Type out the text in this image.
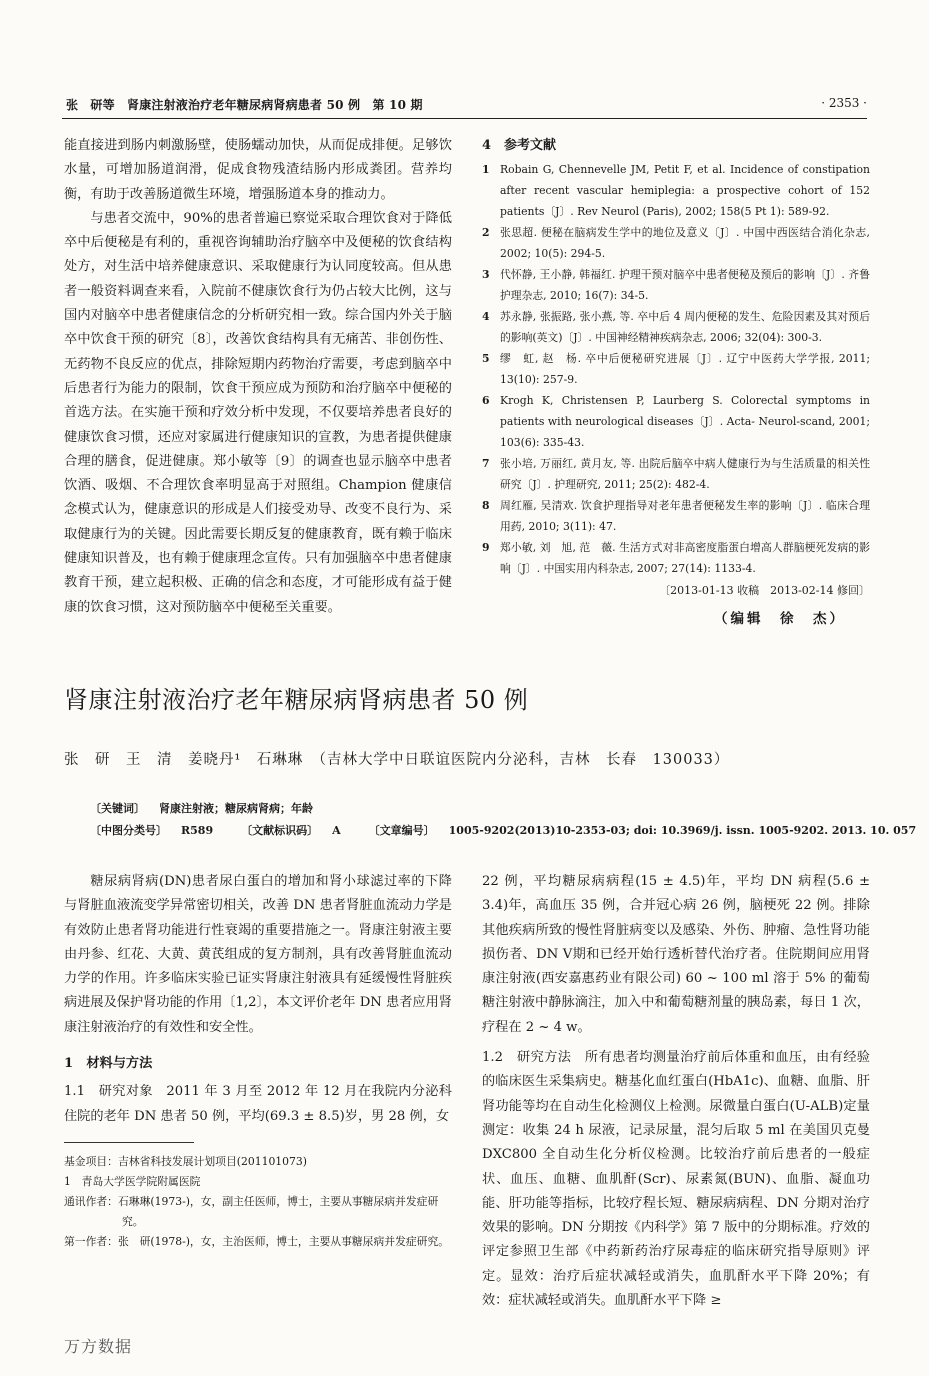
张　研等　肾康注射液治疗老年糖尿病肾病患者 50 例　第 10 期	· 2353 ·

能直接进到肠内刺激肠壁，使肠蠕动加快，从而促成排便。足够饮水量，可增加肠道润滑，促成食物残渣结肠内形成粪团。营养均衡，有助于改善肠道微生环境，增强肠道本身的推动力。

与患者交流中，90%的患者普遍已察觉采取合理饮食对于降低卒中后便秘是有利的，重视咨询辅助治疗脑卒中及便秘的饮食结构处方，对生活中培养健康意识、采取健康行为认同度较高。但从患者一般资料调查来看，入院前不健康饮食行为仍占较大比例，这与国内对脑卒中患者健康信念的分析研究相一致。综合国内外关于脑卒中饮食干预的研究〔8〕，改善饮食结构具有无痛苦、非创伤性、无药物不良反应的优点，排除短期内药物治疗需要，考虑到脑卒中后患者行为能力的限制，饮食干预应成为预防和治疗脑卒中便秘的首选方法。在实施干预和疗效分析中发现，不仅要培养患者良好的健康饮食习惯，还应对家属进行健康知识的宣教，为患者提供健康合理的膳食，促进健康。郑小敏等〔9〕的调查也显示脑卒中患者饮酒、吸烟、不合理饮食率明显高于对照组。Champion 健康信念模式认为，健康意识的形成是人们接受劝导、改变不良行为、采取健康行为的关键。因此需要长期反复的健康教育，既有赖于临床健康知识普及，也有赖于健康理念宣传。只有加强脑卒中患者健康教育干预，建立起积极、正确的信念和态度，才可能形成有益于健康的饮食习惯，这对预防脑卒中便秘至关重要。

4　参考文献
1 Robain G, Chennevelle JM, Petit F, et al. Incidence of constipation after recent vascular hemiplegia: a prospective cohort of 152 patients〔J〕. Rev Neurol (Paris), 2002; 158(5 Pt 1): 589-92.
2 张思超. 便秘在脑病发生学中的地位及意义〔J〕. 中国中西医结合消化杂志, 2002; 10(5): 294-5.
3 代怀静, 王小静, 韩福红. 护理干预对脑卒中患者便秘及预后的影响〔J〕. 齐鲁护理杂志, 2010; 16(7): 34-5.
4 苏永静, 张振路, 张小燕, 等. 卒中后 4 周内便秘的发生、危险因素及其对预后的影响(英文)〔J〕. 中国神经精神疾病杂志, 2006; 32(04): 300-3.
5 缪　虹, 赵　杨. 卒中后便秘研究进展〔J〕. 辽宁中医药大学学报, 2011; 13(10): 257-9.
6 Krogh K, Christensen P, Laurberg S. Colorectal symptoms in patients with neurological diseases〔J〕. Acta- Neurol-scand, 2001; 103(6): 335-43.
7 张小培, 万丽红, 黄月友, 等. 出院后脑卒中病人健康行为与生活质量的相关性研究〔J〕. 护理研究, 2011; 25(2): 482-4.
8 周红雁, 吴清欢. 饮食护理指导对老年患者便秘发生率的影响〔J〕. 临床合理用药, 2010; 3(11): 47.
9 郑小敏, 刘　旭, 范　薇. 生活方式对非高密度脂蛋白增高人群脑梗死发病的影响〔J〕. 中国实用内科杂志, 2007; 27(14): 1133-4.
〔2013-01-13 收稿　2013-02-14 修回〕
（编辑　徐　杰）
肾康注射液治疗老年糖尿病肾病患者 50 例
张　研　王　清　姜晓丹¹　石琳琳　（吉林大学中日联谊医院内分泌科，吉林　长春　130033）
〔关键词〕 肾康注射液；糖尿病肾病；年龄
〔中图分类号〕 R589	〔文献标识码〕 A	〔文章编号〕 1005-9202(2013)10-2353-03; doi: 10.3969/j. issn. 1005-9202. 2013. 10. 057

糖尿病肾病(DN)患者尿白蛋白的增加和肾小球滤过率的下降与肾脏血液流变学异常密切相关，改善 DN 患者肾脏血流动力学是有效防止患者肾功能进行性衰竭的重要措施之一。肾康注射液主要由丹参、红花、大黄、黄芪组成的复方制剂，具有改善肾脏血流动力学的作用。许多临床实验已证实肾康注射液具有延缓慢性肾脏疾病进展及保护肾功能的作用〔1,2〕，本文评价老年 DN 患者应用肾康注射液治疗的有效性和安全性。

1　材料与方法

1.1　研究对象　2011 年 3 月至 2012 年 12 月在我院内分泌科住院的老年 DN 患者 50 例，平均(69.3 ± 8.5)岁，男 28 例，女

基金项目：吉林省科技发展计划项目(201101073)
1　青岛大学医学院附属医院
通讯作者：石琳琳(1973-)，女，副主任医师，博士，主要从事糖尿病并发症研究。
第一作者：张　研(1978-)，女，主治医师，博士，主要从事糖尿病并发症研究。

22 例，平均糖尿病病程(15 ± 4.5)年，平均 DN 病程(5.6 ± 3.4)年，高血压 35 例，合并冠心病 26 例，脑梗死 22 例。排除其他疾病所致的慢性肾脏病变以及感染、外伤、肿瘤、急性肾功能损伤者、DN Ⅴ期和已经开始行透析替代治疗者。住院期间应用肾康注射液(西安嘉惠药业有限公司) 60 ~ 100 ml 溶于 5% 的葡萄糖注射液中静脉滴注，加入中和葡萄糖剂量的胰岛素，每日 1 次，疗程在 2 ~ 4 w。

1.2　研究方法　所有患者均测量治疗前后体重和血压，由有经验的临床医生采集病史。糖基化血红蛋白(HbA1c)、血糖、血脂、肝肾功能等均在自动生化检测仪上检测。尿微量白蛋白(U-ALB)定量测定：收集 24 h 尿液，记录尿量，混匀后取 5 ml 在美国贝克曼 DXC800 全自动生化分析仪检测。比较治疗前后患者的一般症状、血压、血糖、血肌酐(Scr)、尿素氮(BUN)、血脂、凝血功能、肝功能等指标，比较疗程长短、糖尿病病程、DN 分期对治疗效果的影响。DN 分期按《内科学》第 7 版中的分期标准。疗效的评定参照卫生部《中药新药治疗尿毒症的临床研究指导原则》评定。显效：治疗后症状减轻或消失，血肌酐水平下降 20%；有效：症状减轻或消失。血肌酐水平下降 ≥

万方数据
